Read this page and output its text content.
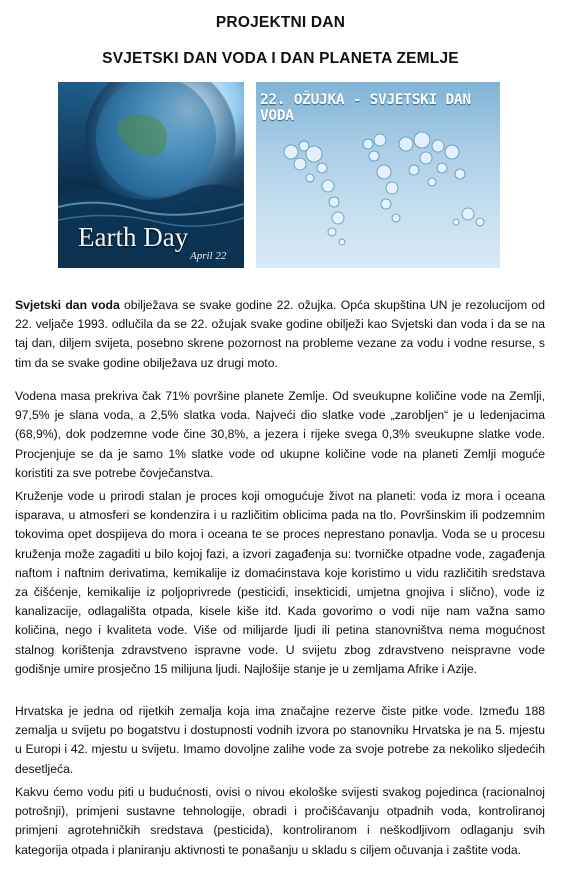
PROJEKTNI DAN
SVJETSKI DAN VODA I DAN PLANETA ZEMLJE
Earth Day
April 22
22. OŽUJKA - SVJETSKI DAN VODA

Svjetski dan voda obilježava se svake godine 22. ožujka. Opća skupština UN je rezolucijom od 22. veljače 1993. odlučila da se 22. ožujak svake godine obilježi kao Svjetski dan voda i da se na taj dan, diljem svijeta, posebno skrene pozornost na probleme vezane za vodu i vodne resurse, s tim da se svake godine obilježava uz drugi moto.

Vodena masa prekriva čak 71% površine planete Zemlje. Od sveukupne količine vode na Zemlji, 97,5% je slana voda, a 2,5% slatka voda. Najveći dio slatke vode „zarobljen“ je u ledenjacima (68,9%), dok podzemne vode čine 30,8%, a jezera i rijeke svega 0,3% sveukupne slatke vode. Procjenjuje se da je samo 1% slatke vode od ukupne količine vode na planeti Zemlji moguće koristiti za sve potrebe čovječanstva.

Kruženje vode u prirodi stalan je proces koji omogućuje život na planeti: voda iz mora i oceana isparava, u atmosferi se kondenzira i u različitim oblicima pada na tlo. Površinskim ili podzemnim tokovima opet dospijeva do mora i oceana te se proces neprestano ponavlja. Voda se u procesu kruženja može zagaditi u bilo kojoj fazi, a izvori zagađenja su: tvorničke otpadne vode, zagađenja naftom i naftnim derivatima, kemikalije iz domaćinstava koje koristimo u vidu različitih sredstava za čišćenje, kemikalije iz poljoprivrede (pesticidi, insekticidi, umjetna gnojiva i slično), vode iz kanalizacije, odlagališta otpada, kisele kiše itd. Kada govorimo o vodi nije nam važna samo količina, nego i kvaliteta vode. Više od milijarde ljudi ili petina stanovništva nema mogućnost stalnog korištenja zdravstveno ispravne vode. U svijetu zbog zdravstveno neispravne vode godišnje umire prosječno 15 milijuna ljudi. Najlošije stanje je u zemljama Afrike i Azije.

Hrvatska je jedna od rijetkih zemalja koja ima značajne rezerve čiste pitke vode. Između 188 zemalja u svijetu po bogatstvu i dostupnosti vodnih izvora po stanovniku Hrvatska je na 5. mjestu u Europi i 42. mjestu u svijetu. Imamo dovoljne zalihe vode za svoje potrebe za nekoliko sljedećih desetljeća.

Kakvu ćemo vodu piti u budućnosti, ovisi o nivou ekološke svijesti svakog pojedinca (racionalnoj potrošnji), primjeni sustavne tehnologije, obradi i pročišćavanju otpadnih voda, kontroliranoj primjeni agrotehničkih sredstava (pesticida), kontroliranom i neškodljivom odlaganju svih kategorija otpada i planiranju aktivnosti te ponašanju u skladu s ciljem očuvanja i zaštite voda.
